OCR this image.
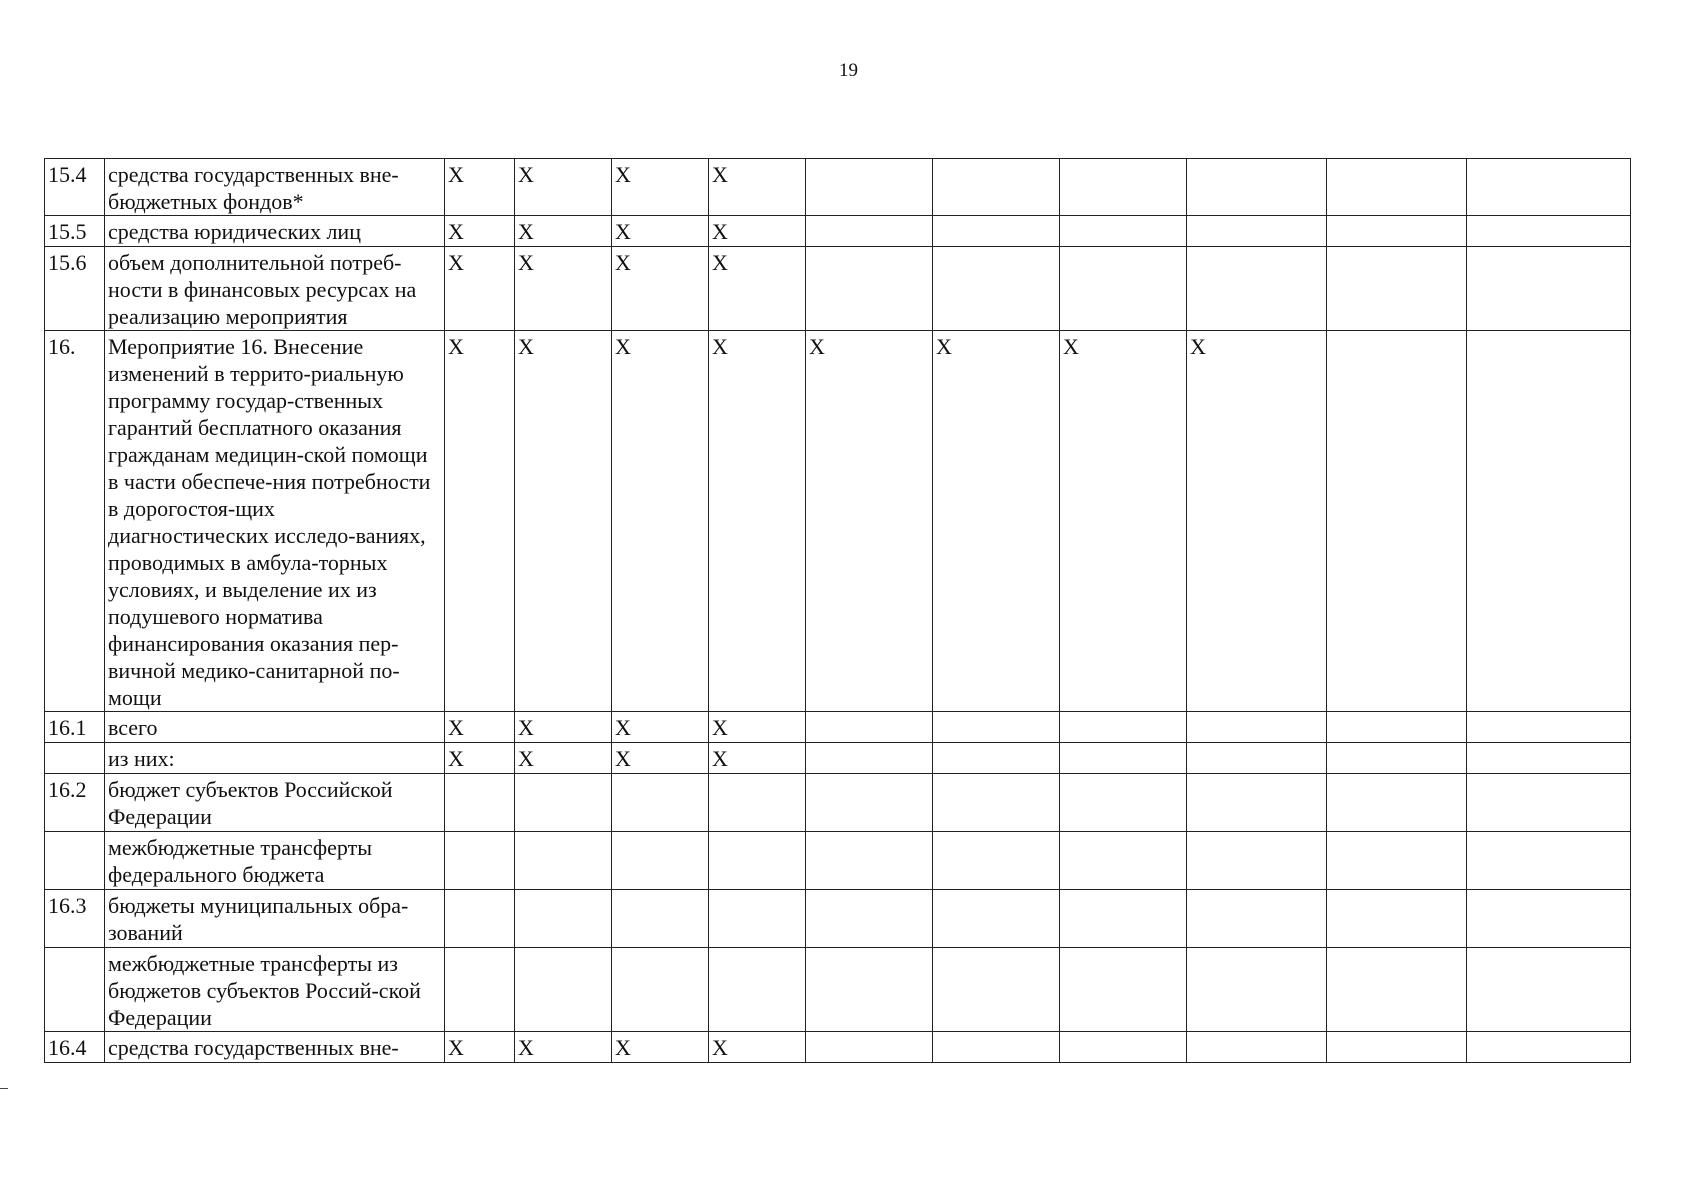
19
15.4	средства государственных вне-бюджетных фондов*	X	X	X	X						
15.5	средства юридических лиц	X	X	X	X						
15.6	объем дополнительной потреб-ности в финансовых ресурсах на реализацию мероприятия	X	X	X	X						
16.	Мероприятие 16. Внесение изменений в террито-риальную программу государ-ственных гарантий бесплатного оказания гражданам медицин-ской помощи в части обеспече-ния потребности в дорогостоя-щих диагностических исследо-ваниях, проводимых в амбула-торных условиях, и выделение их из подушевого норматива финансирования оказания пер-вичной медико-санитарной по-мощи	X	X	X	X	X	X	X	X		
16.1	всего	X	X	X	X						
	из них:	X	X	X	X						
16.2	бюджет субъектов Российской Федерации										
	межбюджетные трансферты федерального бюджета										
16.3	бюджеты муниципальных обра-зований										
	межбюджетные трансферты из бюджетов субъектов Россий-ской Федерации										
16.4	средства государственных вне-	X	X	X	X						
